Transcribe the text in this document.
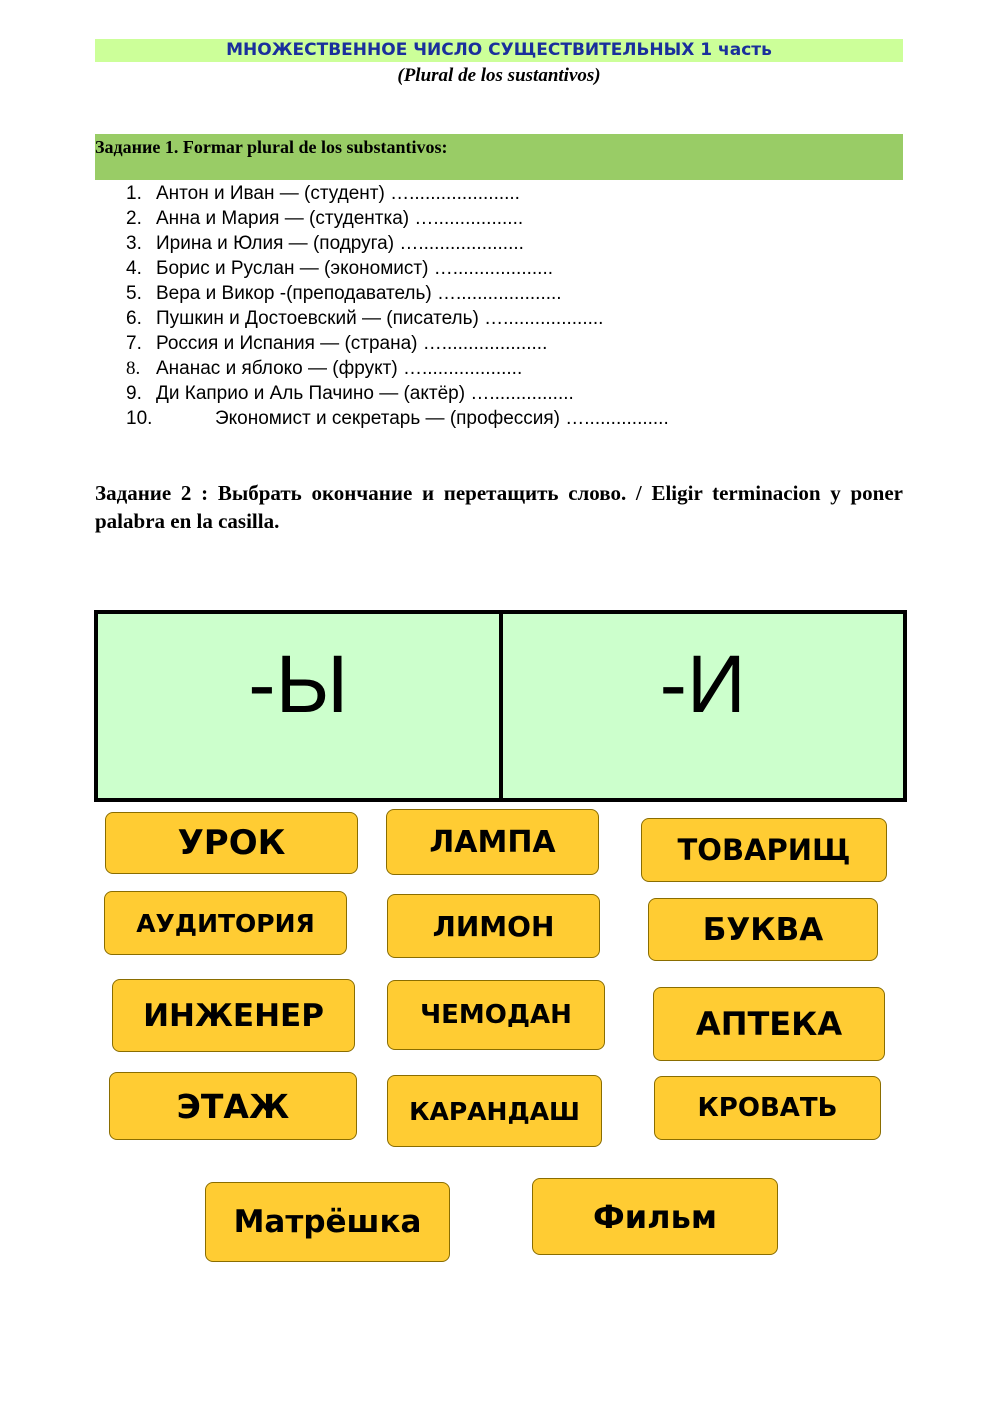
МНОЖЕСТВЕННОЕ ЧИСЛО СУЩЕСТВИТЕЛЬНЫХ 1 часть
(Plural de los sustantivos)
Задание 1. Formar plural de los substantivos:
1. Антон и Иван — (студент) ….....................
2. Анна и Мария — (студентка) ….................
3. Ирина и Юлия — (подруга) …....................
4. Борис и Руслан — (экономист) …...................
5. Вера и Викор -(преподаватель) …....................
6. Пушкин и Достоевский — (писатель) …...................
7. Россия и Испания — (страна) …....................
8. Ананас и яблоко — (фрукт) …...................
9. Ди Каприо и Аль Пачино — (актёр) …................
10.	Экономист и секретарь — (профессия) …................
Задание 2 : Выбрать окончание и перетащить слово. / Eligir terminacion y poner palabra en la casilla.
-Ы	-И
УРОК	ЛАМПА	ТОВАРИЩ
АУДИТОРИЯ	ЛИМОН	БУКВА
ИНЖЕНЕР	ЧЕМОДАН	АПТЕКА
ЭТАЖ	КАРАНДАШ	КРОВАТЬ
Матрёшка	Фильм
